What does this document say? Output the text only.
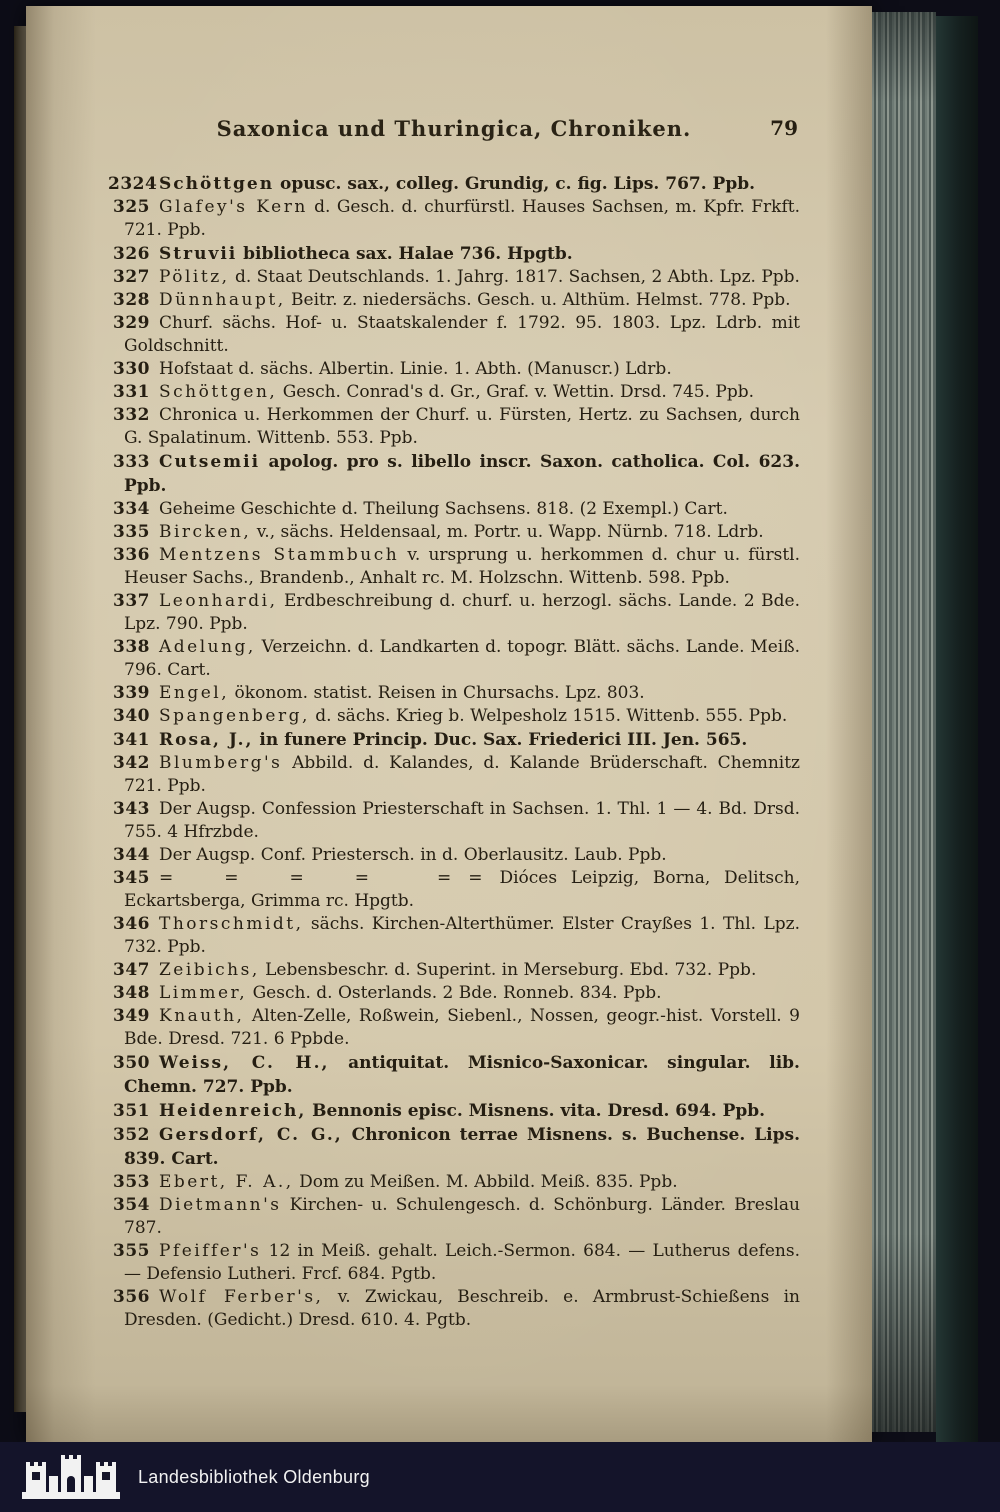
Saxonica und Thuringica, Chroniken.	79

2324Schöttgen opusc. sax., colleg. Grundig, c. fig. Lips. 767. Ppb.

325 Glafey's Kern d. Gesch. d. churfürstl. Hauses Sachsen, m. Kpfr. Frkft. 721. Ppb.

326 Struvii bibliotheca sax. Halae 736. Hpgtb.

327 Pölitz, d. Staat Deutschlands. 1. Jahrg. 1817. Sachsen, 2 Abth. Lpz. Ppb.

328 Dünnhaupt, Beitr. z. niedersächs. Gesch. u. Althüm. Helmst. 778. Ppb.

329 Churf. sächs. Hof- u. Staatskalender f. 1792. 95. 1803. Lpz. Ldrb. mit Goldschnitt.

330 Hofstaat d. sächs. Albertin. Linie. 1. Abth. (Manuscr.) Ldrb.

331 Schöttgen, Gesch. Conrad's d. Gr., Graf. v. Wettin. Drsd. 745. Ppb.

332 Chronica u. Herkommen der Churf. u. Fürsten, Hertz. zu Sachsen, durch G. Spalatinum. Wittenb. 553. Ppb.

333 Cutsemii apolog. pro s. libello inscr. Saxon. catholica. Col. 623. Ppb.

334 Geheime Geschichte d. Theilung Sachsens. 818. (2 Exempl.) Cart.

335 Bircken, v., sächs. Heldensaal, m. Portr. u. Wapp. Nürnb. 718. Ldrb.

336 Mentzens Stammbuch v. ursprung u. herkommen d. chur u. fürstl. Heuser Sachs., Brandenb., Anhalt rc. M. Holzschn. Wittenb. 598. Ppb.

337 Leonhardi, Erdbeschreibung d. churf. u. herzogl. sächs. Lande. 2 Bde. Lpz. 790. Ppb.

338 Adelung, Verzeichn. d. Landkarten d. topogr. Blätt. sächs. Lande. Meiß. 796. Cart.

339 Engel, ökonom. statist. Reisen in Chursachs. Lpz. 803.

340 Spangenberg, d. sächs. Krieg b. Welpesholz 1515. Wittenb. 555. Ppb.

341 Rosa, J., in funere Princip. Duc. Sax. Friederici III. Jen. 565.

342 Blumberg's Abbild. d. Kalandes, d. Kalande Brüderschaft. Chemnitz 721. Ppb.

343 Der Augsp. Confession Priesterschaft in Sachsen. 1. Thl. 1 — 4. Bd. Drsd. 755. 4 Hfrzbde.

344 Der Augsp. Conf. Priestersch. in d. Oberlausitz. Laub. Ppb.

345 =   =   =   =    = = Dióces Leipzig, Borna, Delitsch, Eckartsberga, Grimma rc. Hpgtb.

346 Thorschmidt, sächs. Kirchen-Alterthümer. Elster Crayßes 1. Thl. Lpz. 732. Ppb.

347 Zeibichs, Lebensbeschr. d. Superint. in Merseburg. Ebd. 732. Ppb.

348 Limmer, Gesch. d. Osterlands. 2 Bde. Ronneb. 834. Ppb.

349 Knauth, Alten-Zelle, Roßwein, Siebenl., Nossen, geogr.-hist. Vorstell. 9 Bde. Dresd. 721. 6 Ppbde.

350 Weiss, C. H., antiquitat. Misnico-Saxonicar. singular. lib. Chemn. 727. Ppb.

351 Heidenreich, Bennonis episc. Misnens. vita. Dresd. 694. Ppb.

352 Gersdorf, C. G., Chronicon terrae Misnens. s. Buchense. Lips. 839. Cart.

353 Ebert, F. A., Dom zu Meißen. M. Abbild. Meiß. 835. Ppb.

354 Dietmann's Kirchen- u. Schulengesch. d. Schönburg. Länder. Breslau 787.

355 Pfeiffer's 12 in Meiß. gehalt. Leich.-Sermon. 684. — Lutherus defens. — Defensio Lutheri. Frcf. 684. Pgtb.

356 Wolf Ferber's, v. Zwickau, Beschreib. e. Armbrust-Schießens in Dresden. (Gedicht.) Dresd. 610. 4. Pgtb.

Landesbibliothek Oldenburg
